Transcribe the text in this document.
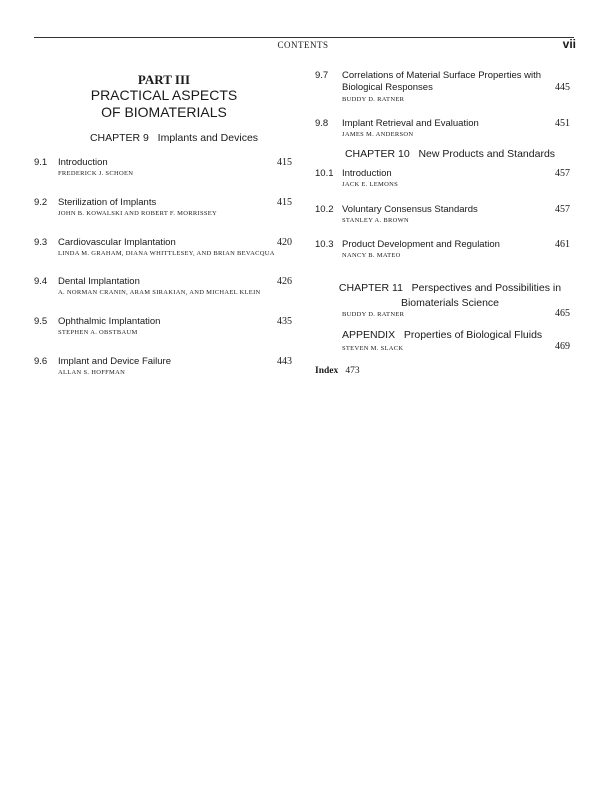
CONTENTS	vii
PART III
PRACTICAL ASPECTS
OF BIOMATERIALS
CHAPTER 9   Implants and Devices
9.1 Introduction	415
FREDERICK J. SCHOEN
9.2 Sterilization of Implants	415
JOHN B. KOWALSKI AND ROBERT F. MORRISSEY
9.3 Cardiovascular Implantation	420
LINDA M. GRAHAM, DIANA WHITTLESEY, AND BRIAN BEVACQUA
9.4 Dental Implantation	426
A. NORMAN CRANIN, ARAM SIRAKIAN, AND MICHAEL KLEIN
9.5 Ophthalmic Implantation	435
STEPHEN A. OBSTBAUM
9.6 Implant and Device Failure	443
ALLAN S. HOFFMAN
9.7 Correlations of Material Surface Properties with
Biological Responses	445
BUDDY D. RATNER
9.8 Implant Retrieval and Evaluation	451
JAMES M. ANDERSON
CHAPTER 10   New Products and Standards
10.1 Introduction	457
JACK E. LEMONS
10.2 Voluntary Consensus Standards	457
STANLEY A. BROWN
10.3 Product Development and Regulation	461
NANCY B. MATEO
CHAPTER 11   Perspectives and Possibilities in
Biomaterials Science
BUDDY D. RATNER	465
APPENDIX   Properties of Biological Fluids
STEVEN M. SLACK	469
Index 473
